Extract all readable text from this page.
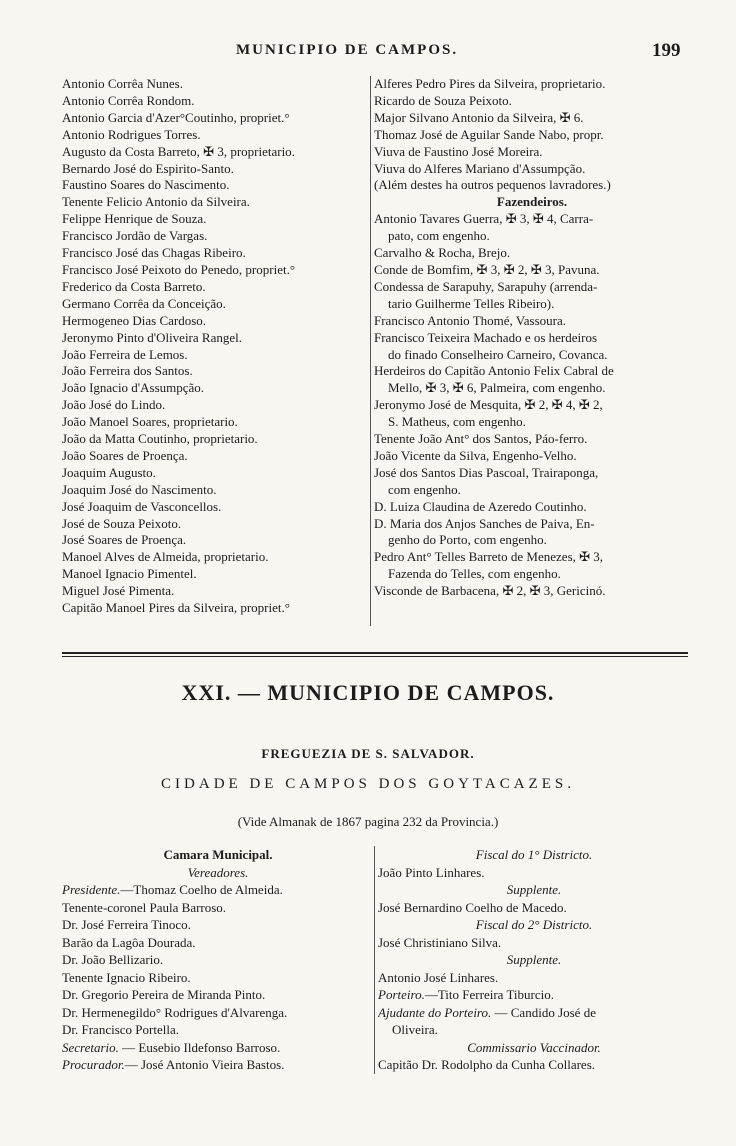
MUNICIPIO DE CAMPOS.	199
Antonio Corrêa Nunes.
Antonio Corrêa Rondom.
Antonio Garcia d'Azer°Coutinho, propriet.°
Antonio Rodrigues Torres.
Augusto da Costa Barreto, ✠ 3, proprietario.
Bernardo José do Espirito-Santo.
Faustino Soares do Nascimento.
Tenente Felicio Antonio da Silveira.
Felippe Henrique de Souza.
Francisco Jordão de Vargas.
Francisco José das Chagas Ribeiro.
Francisco José Peixoto do Penedo, propriet.°
Frederico da Costa Barreto.
Germano Corrêa da Conceição.
Hermogeneo Dias Cardoso.
Jeronymo Pinto d'Oliveira Rangel.
João Ferreira de Lemos.
João Ferreira dos Santos.
João Ignacio d'Assumpção.
João José do Lindo.
João Manoel Soares, proprietario.
João da Matta Coutinho, proprietario.
João Soares de Proença.
Joaquim Augusto.
Joaquim José do Nascimento.
José Joaquim de Vasconcellos.
José de Souza Peixoto.
José Soares de Proença.
Manoel Alves de Almeida, proprietario.
Manoel Ignacio Pimentel.
Miguel José Pimenta.
Capitão Manoel Pires da Silveira, propriet.°
Alferes Pedro Pires da Silveira, proprietario.
Ricardo de Souza Peixoto.
Major Silvano Antonio da Silveira, ✠ 6.
Thomaz José de Aguilar Sande Nabo, propr.
Viuva de Faustino José Moreira.
Viuva do Alferes Mariano d'Assumpção.
(Além destes ha outros pequenos lavradores.)
Fazendeiros.
Antonio Tavares Guerra, ✠ 3, ✠ 4, Carra-
pato, com engenho.
Carvalho & Rocha, Brejo.
Conde de Bomfim, ✠ 3, ✠ 2, ✠ 3, Pavuna.
Condessa de Sarapuhy, Sarapuhy (arrenda-
tario Guilherme Telles Ribeiro).
Francisco Antonio Thomé, Vassoura.
Francisco Teixeira Machado e os herdeiros
do finado Conselheiro Carneiro, Covanca.
Herdeiros do Capitão Antonio Felix Cabral de
Mello, ✠ 3, ✠ 6, Palmeira, com engenho.
Jeronymo José de Mesquita, ✠ 2, ✠ 4, ✠ 2,
S. Matheus, com engenho.
Tenente João Ant° dos Santos, Páo-ferro.
João Vicente da Silva, Engenho-Velho.
José dos Santos Dias Pascoal, Trairaponga,
com engenho.
D. Luiza Claudina de Azeredo Coutinho.
D. Maria dos Anjos Sanches de Paiva, En-
genho do Porto, com engenho.
Pedro Ant° Telles Barreto de Menezes, ✠ 3,
Fazenda do Telles, com engenho.
Visconde de Barbacena, ✠ 2, ✠ 3, Gericinó.
XXI. — MUNICIPIO DE CAMPOS.
FREGUEZIA DE S. SALVADOR.
CIDADE DE CAMPOS DOS GOYTACAZES.
(Vide Almanak de 1867 pagina 232 da Provincia.)
Camara Municipal.
Vereadores.
Presidente.—Thomaz Coelho de Almeida.
Tenente-coronel Paula Barroso.
Dr. José Ferreira Tinoco.
Barão da Lagôa Dourada.
Dr. João Bellizario.
Tenente Ignacio Ribeiro.
Dr. Gregorio Pereira de Miranda Pinto.
Dr. Hermenegildo° Rodrigues d'Alvarenga.
Dr. Francisco Portella.
Secretario. — Eusebio Ildefonso Barroso.
Procurador.— José Antonio Vieira Bastos.
Fiscal do 1° Districto.
João Pinto Linhares.
Supplente.
José Bernardino Coelho de Macedo.
Fiscal do 2° Districto.
José Christiniano Silva.
Supplente.
Antonio José Linhares.
Porteiro.—Tito Ferreira Tiburcio.
Ajudante do Porteiro. — Candido José de
Oliveira.
Commissario Vaccinador.
Capitão Dr. Rodolpho da Cunha Collares.
